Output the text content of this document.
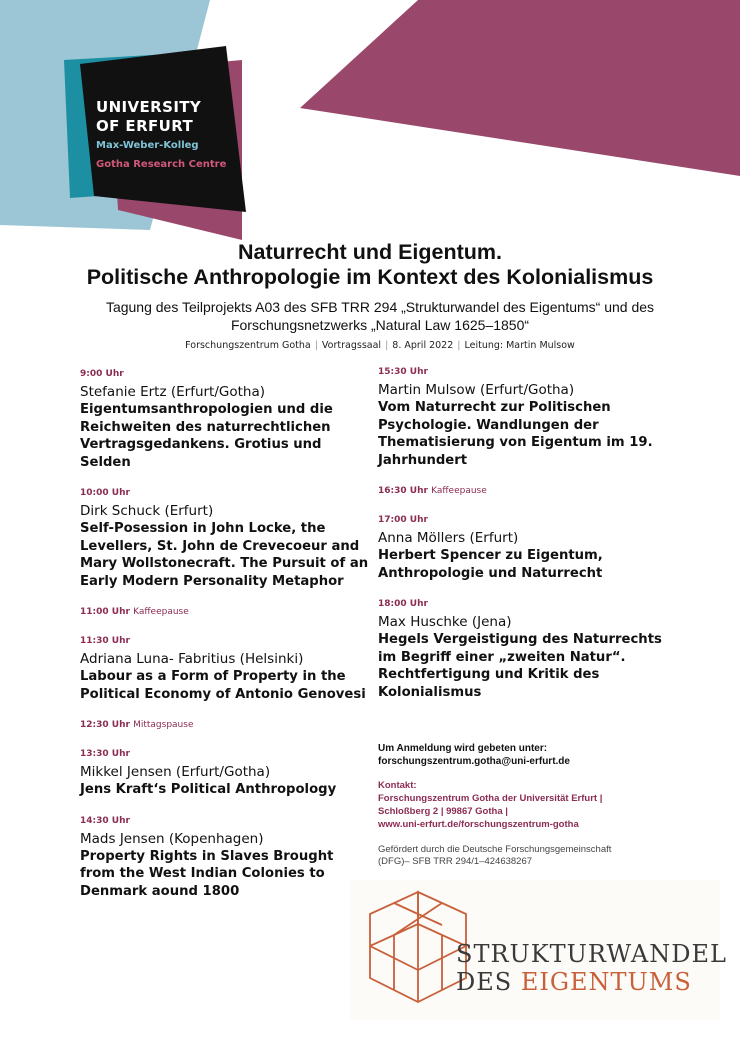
UNIVERSITY
OF ERFURT
Max-Weber-Kolleg
Gotha Research Centre
Naturrecht und Eigentum.
Politische Anthropologie im Kontext des Kolonialismus
Tagung des Teilprojekts A03 des SFB TRR 294 „Strukturwandel des Eigentums“ und des
Forschungsnetzwerks „Natural Law 1625–1850“
Forschungszentrum Gotha | Vortragssaal | 8. April 2022 | Leitung: Martin Mulsow
9:00 Uhr
Stefanie Ertz (Erfurt/Gotha)
Eigentumsanthropologien und die Reichweiten des naturrechtlichen Vertragsgedankens. Grotius und Selden
10:00 Uhr
Dirk Schuck (Erfurt)
Self-Posession in John Locke, the Levellers, St. John de Crevecoeur and Mary Wollstonecraft. The Pursuit of an Early Modern Personality Metaphor
11:00 Uhr Kaffeepause
11:30 Uhr
Adriana Luna- Fabritius (Helsinki)
Labour as a Form of Property in the Political Economy of Antonio Genovesi
12:30 Uhr Mittagspause
13:30 Uhr
Mikkel Jensen (Erfurt/Gotha)
Jens Kraft‘s Political Anthropology
14:30 Uhr
Mads Jensen (Kopenhagen)
Property Rights in Slaves Brought from the West Indian Colonies to Denmark aound 1800
15:30 Uhr
Martin Mulsow (Erfurt/Gotha)
Vom Naturrecht zur Politischen Psychologie. Wandlungen der Thematisierung von Eigentum im 19. Jahrhundert
16:30 Uhr Kaffeepause
17:00 Uhr
Anna Möllers (Erfurt)
Herbert Spencer zu Eigentum, Anthropologie und Naturrecht
18:00 Uhr
Max Huschke (Jena)
Hegels Vergeistigung des Naturrechts im Begriff einer „zweiten Natur“. Rechtfertigung und Kritik des Kolonialismus
Um Anmeldung wird gebeten unter:
forschungszentrum.gotha@uni-erfurt.de
Kontakt:
Forschungszentrum Gotha der Universität Erfurt |
Schloßberg 2 | 99867 Gotha |
www.uni-erfurt.de/forschungszentrum-gotha
Gefördert durch die Deutsche Forschungsgemeinschaft
(DFG)– SFB TRR 294/1–424638267
STRUKTURWANDEL
DES EIGENTUMS
